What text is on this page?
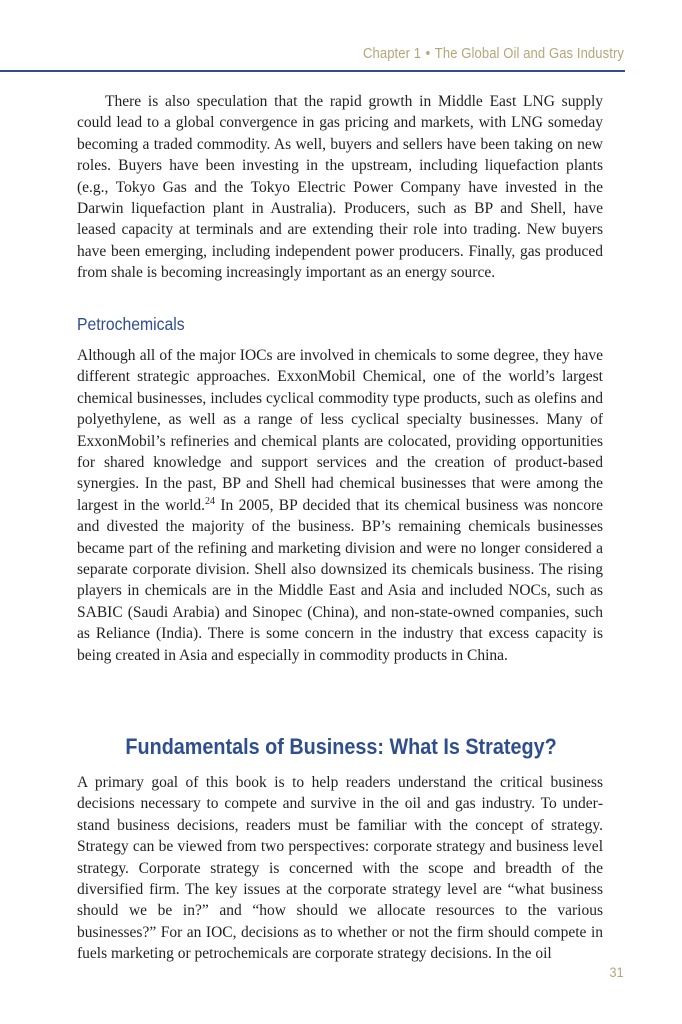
Chapter 1 • The Global Oil and Gas Industry

There is also speculation that the rapid growth in Middle East LNG supply could lead to a global convergence in gas pricing and markets, with LNG someday becoming a traded commodity. As well, buyers and sellers have been taking on new roles. Buyers have been investing in the upstream, including liquefaction plants (e.g., Tokyo Gas and the Tokyo Electric Power Company have invested in the Darwin liquefaction plant in Australia). Producers, such as BP and Shell, have leased capacity at terminals and are extending their role into trading. New buyers have been emerging, including independent power producers. Finally, gas produced from shale is becoming increasingly important as an energy source.

Petrochemicals

Although all of the major IOCs are involved in chemicals to some degree, they have different strategic approaches. ExxonMobil Chemical, one of the world’s largest chemical businesses, includes cyclical commodity type products, such as olefins and polyethylene, as well as a range of less cyclical specialty businesses. Many of ExxonMobil’s refineries and chemical plants are colocated, providing opportunities for shared knowledge and support services and the creation of product-based synergies. In the past, BP and Shell had chemical businesses that were among the largest in the world.$^{24}$ In 2005, BP decided that its chemical business was noncore and divested the majority of the business. BP’s remaining chemicals businesses became part of the refining and marketing division and were no longer considered a separate corporate division. Shell also downsized its chemicals business. The rising players in chemicals are in the Middle East and Asia and included NOCs, such as SABIC (Saudi Arabia) and Sinopec (China), and non-state-owned companies, such as Reliance (India). There is some concern in the industry that excess capacity is being created in Asia and especially in commodity products in China.

Fundamentals of Business: What Is Strategy?

A primary goal of this book is to help readers understand the critical business decisions necessary to compete and survive in the oil and gas industry. To understand business decisions, readers must be familiar with the concept of strategy. Strategy can be viewed from two perspectives: corporate strategy and business level strategy. Corporate strategy is concerned with the scope and breadth of the diversified firm. The key issues at the corporate strategy level are “what business should we be in?” and “how should we allocate resources to the various businesses?” For an IOC, decisions as to whether or not the firm should compete in fuels marketing or petrochemicals are corporate strategy decisions. In the oil

31
